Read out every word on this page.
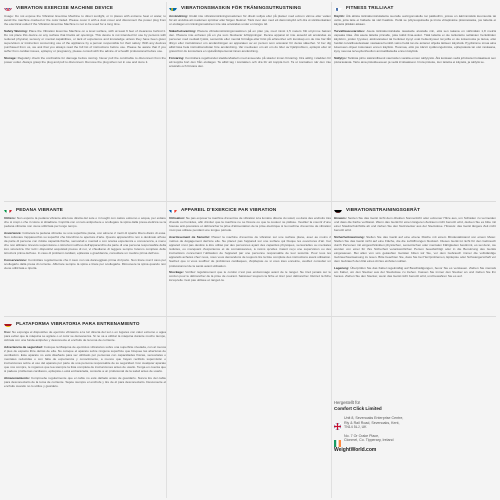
VIBRATION EXERCISE MACHINE DEVICE

Usage: Do not expose the Vibration Exercise Machine to direct sunlight, or in places with extreme heat or water, to avoid the machine cracked or the color faded. Please cover it with a dust cover and disconnect the power plug from the electrical outlet if the Vibration Exercise Machine is not to be used for a long time.

Safety Warning: Place the Vibration Exercise Machine on a level surface, with at least 6 feet of clearance behind it. Do not place this device on any surface that blocks air openings. This device is not intended for use by persons with reduced physical, sensory or mental capabilities, or lack of experience and knowledge unless they have been given supervision or instruction concerning use of the appliance by a person responsible for their safety. With any devices purchased from us, we ask that you always read the full list of instructions before use. Please be aware that if you suffer from cardiac issues, epilepsy or pregnancy, please consult with the advice of a health professional before use.

Storage: Regularly check the cord/cable for damage before storing. Never pull the cord/cable to disconnect from the power outlet. Always grasp the plug and pull to disconnect. Remove the plug when not in use and store it.

VIBRATIONSMASKIN FÖR TRÄNINGSUTRUSTNING

Användning: Utsätt inte vibrationsträningsmaskinen för direkt solljus eller på platser med extrem värme eller vatten för att undvika att maskinen spricker eller färgen bleknar. Täck över den med ett dammskydd och dra ut stickkontakten ur eluttaget om träningsmaskinen inte ska användas under en längre tid.

Säkerhetsvarning: Placera vibrationsträningsmaskinen på en plan yta, med minst 1,5 meters fritt utrymme bakom den. Placera inte enheten på en yta som blockerar luftöppningar. Denna apparat är inte avsedd att användas av personer med nedsatt fysisk, sensorisk eller mental förmåga eller brist på erfarenhet och kunskap om de inte har fått tillsyn eller instruktioner om användningen av apparaten av en person som ansvarar för deras säkerhet. Vi ber dig alltid läsa hela instruktionslistan före användning. Var medveten om att om du lider av hjärtproblem, epilepsi eller är gravid bör du konsultera en sjukvårdspersonal innan användning.

Förvaring: Kontrollera regelbundet sladden/kabeln med avseende på skador innan förvaring. Dra aldrig i sladden för att koppla bort den från eluttaget. Ta alltid tag i kontakten och dra för att koppla bort. Ta ut kontakten när den inte används och förvara den.

FITNESS TRILLIAAT

Käyttö: Älä altista tärinäkuntoilulaitetta suoralle auringonvalolle tai paikkoihin, joissa on äärimmäistä kuumuutta tai vettä, jotta laite ei halkeile tai väri haalistu. Peitä se pölysuojuksella ja irrota virtapistoke pistorasiasta, jos laitetta ei käytetä pitkään aikaan.

Turvallisuusvaroitus: Aseta tärinäkuntoilulaite tasaiselle alustalle niin, että sen takana on vähintään 1,8 metriä vapaata tilaa. Älä aseta laitetta pinnalle, joka tukkii ilma-aukot. Tätä laitetta ei ole tarkoitettu sellaisten henkilöiden käyttöön, joiden fyysiset, aistinvaraiset tai henkiset kyvyt ovat heikentyneet tai joilla ei ole kokemusta ja tietoa, ellei heidän turvallisuudestaan vastaava henkilö valvo heitä tai ole antanut ohjeita laitteen käytöstä. Pyydämme sinua aina lukemaan ohjeet kokonaan ennen käyttöä. Huomaa, että jos kärsit sydänongelmista, epilepsiasta tai olet raskaana, kysy neuvoa terveydenhuollon ammattilaiselta ennen käyttöä.

Säilytys: Tarkista johto säännöllisesti vaurioiden varalta ennen säilytystä. Älä koskaan vedä johdosta irrottaaksesi sen pistorasiasta. Tartu aina pistokkeeseen ja vedä irrottaaksesi. Irrota pistoke, kun laitetta ei käytetä, ja säilytä se.

PEDANA VIBRANTE

Utilizzo: Non esporre la pedana vibrante alla luce diretta del sole o in luoghi con calore estremo o acqua, per evitare che si crepi o che il colore si sbiadisca. Coprirla con un telo antipolvere e scollegare la spina dalla presa elettrica se la pedana vibrante non viene utilizzata per lungo tempo.

Avvertenza: Collocare la pedana vibrante su una superficie piana, con almeno 2 metri di spazio libero dietro di essa. Non collocare l'apparecchio su superfici che blocchino le aperture d'aria. Questo apparecchio non è destinato all'uso da parte di persone con ridotte capacità fisiche, sensoriali o mentali o con scarsa esperienza e conoscenza, a meno che non abbiano ricevuto supervisione o istruzioni sull'uso dell'apparecchio da parte di una persona responsabile della loro sicurezza. Per tutti i dispositivi acquistati presso di noi, vi chiediamo di leggere sempre l'elenco completo delle istruzioni prima dell'uso. In caso di problemi cardiaci, epilessia o gravidanza, consultare un medico prima dell'uso.

Conservazione: Controllare regolarmente che il cavo non sia danneggiato prima di riporlo. Non tirare mai il cavo per scollegarlo dalla presa di corrente. Afferrare sempre la spina e tirare per scollegarla. Rimuovere la spina quando non viene utilizzata e riporla.

APPAREIL D'EXERCICE PAR VIBRATION

Utilisation: Ne pas exposer la machine d'exercice de vibration à la lumière directe du soleil, ou dans des endroits très chauds ou humides, afin d'éviter que la machine ne se fissure ou que la couleur ne pâlisse. Veuillez la couvrir d'une housse anti-poussière et débrancher la prise d'alimentation de la prise électrique si la machine d'exercice de vibration n'est pas utilisée pendant une longue période.

Avertissement de Sécurité: Placez la machine d'exercice de vibration sur une surface plane, avec au moins 2 mètres de dégagement derrière elle. Ne placez pas l'appareil sur une surface qui bloque les ouvertures d'air. Cet appareil n'est pas destiné à être utilisé par des personnes ayant des capacités physiques, sensorielles ou mentales réduites, ou manquant d'expérience et de connaissances, à moins qu'elles n'aient reçu une supervision ou des instructions concernant l'utilisation de l'appareil par une personne responsable de leur sécurité. Pour tous les appareils achetés chez nous, nous vous demandons de toujours lire la liste complète des instructions avant utilisation. Sachez que si vous souffrez de problèmes cardiaques, d'épilepsie ou si vous êtes enceinte, veuillez consulter un professionnel de la santé avant utilisation.

Stockage: Vérifiez régulièrement que le cordon n'est pas endommagé avant de le ranger. Ne tirez jamais sur le cordon pour le débrancher de la prise de courant. Saisissez toujours la fiche et tirez pour débrancher. Retirez la fiche lorsqu'elle n'est pas utilisée et rangez-la.

VIBRATIONSTRAININGSGERÄT

Hinweis: Setzen Sie das Gerät nicht dem direkten Sonnenlicht oder extremer Hitze aus, um Schäden zu vermeiden und dass die Farbe verblasst. Wenn das Gerät für einen längeren Zeitraum nicht benutzt wird, decken Sie es bitte mit einer Staubschutzhülle ab und ziehen Sie den Netzstecker aus der Steckdose. Hinweis: das Gerät längere Zeit nicht benutzt wird.

Sicherheitswarnung: Stellen Sie das Gerät auf eine ebene Fläche mit einem Mindestabstand von einem Meter. Stellen Sie das Gerät nicht auf eine Fläche, die die Luftöffnungen blockiert. Dieses Gerät ist nicht für den Gebrauch durch Personen mit eingeschränkten physischen, sensorischen oder mentalen Fähigkeiten bestimmt, es sei denn, sie werden von einer für ihre Sicherheit verantwortlichen Person beaufsichtigt oder in die Benutzung des Geräts eingewiesen. Bei allen von uns gekauften Geräten bitten wir Sie, vor dem Gebrauch immer die vollständige Gebrauchsanweisung zu lesen. Bitte beachten Sie, dass Sie bei Herzproblemen, Epilepsie oder Schwangerschaft vor dem Gebrauch den Rat eines Arztes einholen sollten.

Lagerung: Überprüfen Sie das Kabel regelmäßig auf Beschädigungen, bevor Sie es verstauen. Ziehen Sie niemals am Kabel, um den Stecker aus der Steckdose zu ziehen. Fassen Sie immer den Stecker an und ziehen Sie ihn heraus. Ziehen Sie den Stecker, wenn das Gerät nicht benutzt wird, und bewahren Sie es auf.

PLATAFORMA VIBRATORIA PARA ENTRENAMIENTO

Uso: No exponga el dispositivo de ejercicio vibratorio a la luz directa del sol o en lugares con calor extremo o agua para evitar que la máquina se agriete o el color se desvanezca. Si no va a utilizar la máquina durante mucho tiempo, cúbrala con una funda antipolvo y desconecte el enchufe de la toma de corriente.

Advertencia de seguridad: Coloque la Máquina de ejercicios vibratorios sobre una superficie nivelada, con al menos 2 pies de espacio libre detrás de ella. No coloque el aparato sobre ninguna superficie que bloquee las aberturas de ventilación. Este aparato no está diseñado para ser utilizado por personas con capacidades físicas, sensoriales o mentales reducidas o con falta de experiencia y conocimiento, a menos que hayan recibido supervisión o instrucciones sobre el uso del aparato por parte de una persona responsable de su seguridad. Con cualquier aparato que nos compre, le rogamos que lea siempre la lista completa de instrucciones antes de usarlo. Tenga en cuenta que si padece problemas cardíacos, epilepsia o está embarazada, consulte a un profesional de la salud antes de usarlo.

Almacenamiento: Compruebe regularmente que el cable no esté dañado antes de guardarlo. Nunca tire del cable para desconectarlo de la toma de corriente. Sujete siempre el enchufe y tire de él para desconectarlo. Desconecte el enchufe cuando no lo utilice y guárdelo.

Hergestellt für
Comfort Click Limited
Unit 8, Sevenoaks Enterprise Centre,
Rly & Rail Road, Sevenoaks, Kent,
TN14 5LJ, UK
No. 7 Or Crake Place,
Clonmel, Co. Tipperary, Ireland
WeightWorld.com
